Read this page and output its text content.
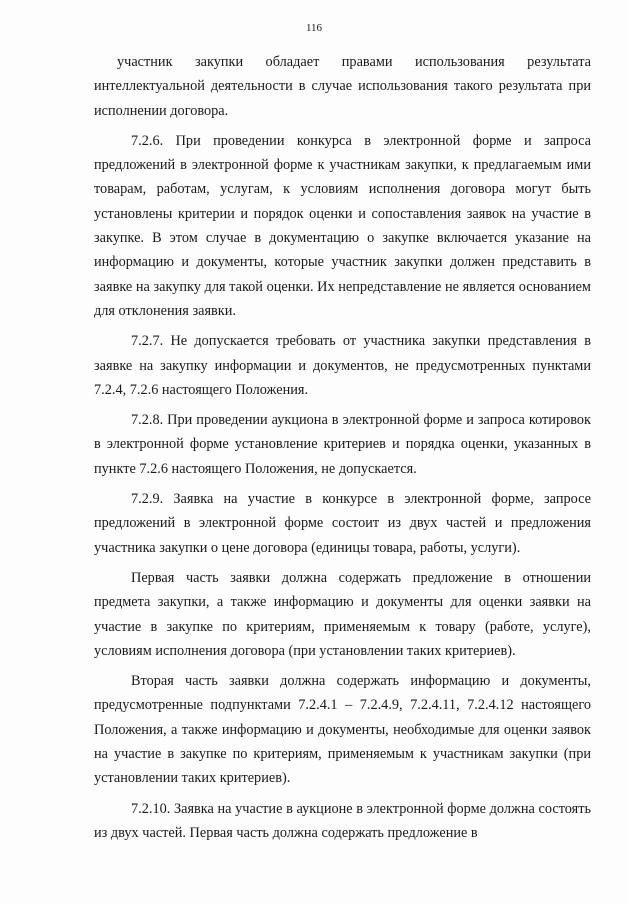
116

участник закупки обладает правами использования результата интеллектуальной деятельности в случае использования такого результата при исполнении договора.

7.2.6. При проведении конкурса в электронной форме и запроса предложений в электронной форме к участникам закупки, к предлагаемым ими товарам, работам, услугам, к условиям исполнения договора могут быть установлены критерии и порядок оценки и сопоставления заявок на участие в закупке. В этом случае в документацию о закупке включается указание на информацию и документы, которые участник закупки должен представить в заявке на закупку для такой оценки. Их непредставление не является основанием для отклонения заявки.

7.2.7. Не допускается требовать от участника закупки представления в заявке на закупку информации и документов, не предусмотренных пунктами 7.2.4, 7.2.6 настоящего Положения.

7.2.8. При проведении аукциона в электронной форме и запроса котировок в электронной форме установление критериев и порядка оценки, указанных в пункте 7.2.6 настоящего Положения, не допускается.

7.2.9. Заявка на участие в конкурсе в электронной форме, запросе предложений в электронной форме состоит из двух частей и предложения участника закупки о цене договора (единицы товара, работы, услуги).

Первая часть заявки должна содержать предложение в отношении предмета закупки, а также информацию и документы для оценки заявки на участие в закупке по критериям, применяемым к товару (работе, услуге), условиям исполнения договора (при установлении таких критериев).

Вторая часть заявки должна содержать информацию и документы, предусмотренные подпунктами 7.2.4.1 – 7.2.4.9, 7.2.4.11, 7.2.4.12 настоящего Положения, а также информацию и документы, необходимые для оценки заявок на участие в закупке по критериям, применяемым к участникам закупки (при установлении таких критериев).

7.2.10. Заявка на участие в аукционе в электронной форме должна состоять из двух частей. Первая часть должна содержать предложение в
